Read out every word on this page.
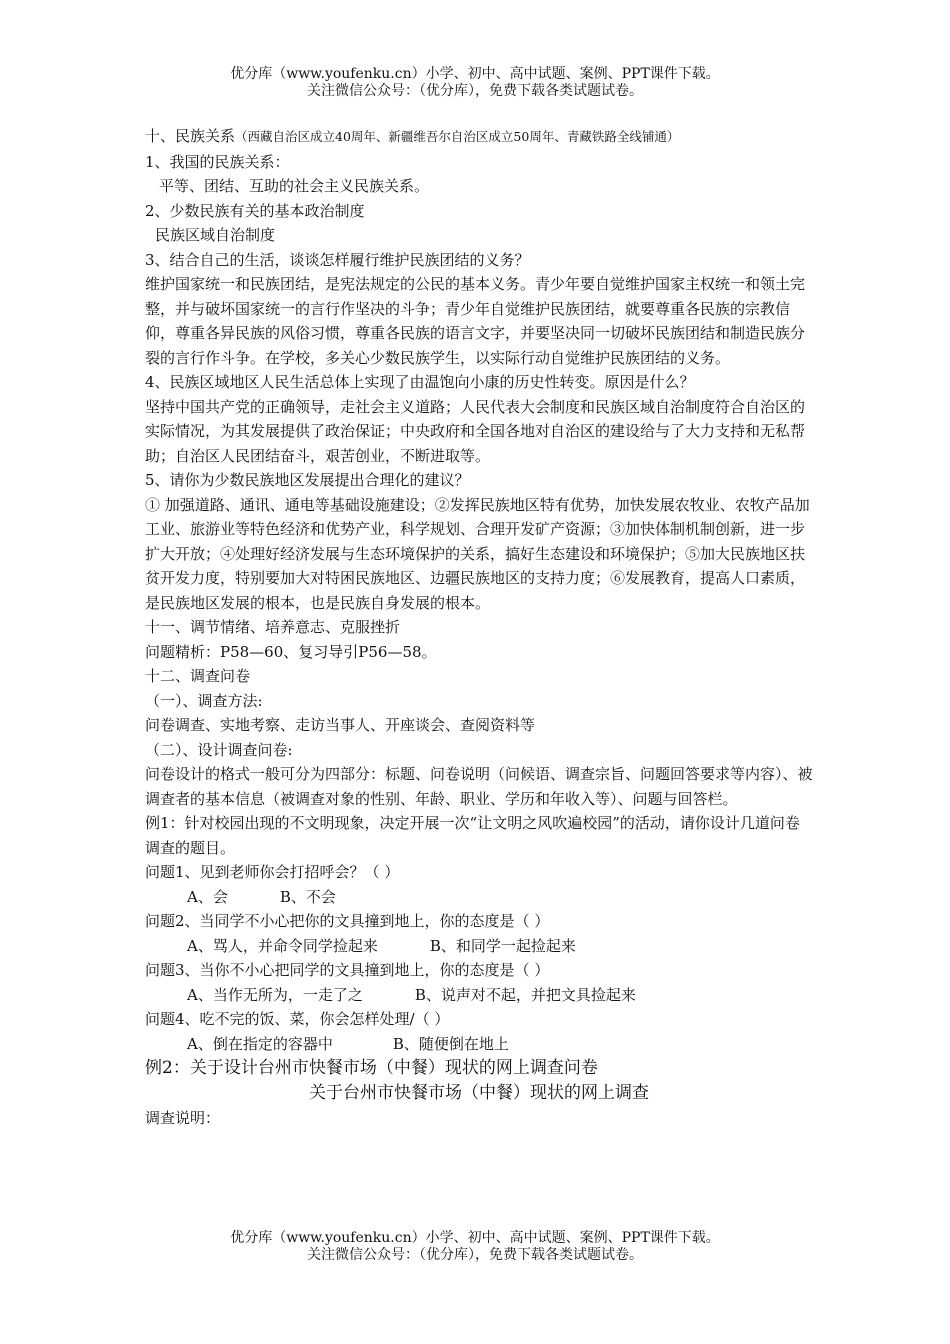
优分库（www.youfenku.cn）小学、初中、高中试题、案例、PPT课件下载。
关注微信公众号：（优分库），免费下载各类试题试卷。

十、民族关系（西藏自治区成立40周年、新疆维吾尔自治区成立50周年、青藏铁路全线铺通）

1、我国的民族关系：

平等、团结、互助的社会主义民族关系。

2、少数民族有关的基本政治制度

民族区域自治制度

3、结合自己的生活，谈谈怎样履行维护民族团结的义务？

维护国家统一和民族团结，是宪法规定的公民的基本义务。青少年要自觉维护国家主权统一和领土完整，并与破坏国家统一的言行作坚决的斗争；青少年自觉维护民族团结，就要尊重各民族的宗教信仰，尊重各异民族的风俗习惯，尊重各民族的语言文字，并要坚决同一切破坏民族团结和制造民族分裂的言行作斗争。在学校，多关心少数民族学生，以实际行动自觉维护民族团结的义务。

4、民族区域地区人民生活总体上实现了由温饱向小康的历史性转变。原因是什么？

坚持中国共产党的正确领导，走社会主义道路；人民代表大会制度和民族区域自治制度符合自治区的实际情况，为其发展提供了政治保证；中央政府和全国各地对自治区的建设给与了大力支持和无私帮助；自治区人民团结奋斗，艰苦创业，不断进取等。

5、请你为少数民族地区发展提出合理化的建议？

① 加强道路、通讯、通电等基础设施建设；②发挥民族地区特有优势，加快发展农牧业、农牧产品加工业、旅游业等特色经济和优势产业，科学规划、合理开发矿产资源；③加快体制机制创新，进一步扩大开放；④处理好经济发展与生态环境保护的关系，搞好生态建设和环境保护；⑤加大民族地区扶贫开发力度，特别要加大对特困民族地区、边疆民族地区的支持力度；⑥发展教育，提高人口素质，是民族地区发展的根本，也是民族自身发展的根本。

十一、调节情绪、培养意志、克服挫折

问题精析：P58—60、复习导引P56—58。

十二、调查问卷

（一）、调查方法:

问卷调查、实地考察、走访当事人、开座谈会、查阅资料等

（二）、设计调查问卷:

问卷设计的格式一般可分为四部分：标题、问卷说明（问候语、调查宗旨、问题回答要求等内容）、被调查者的基本信息（被调查对象的性别、年龄、职业、学历和年收入等）、问题与回答栏。

例1：针对校园出现的不文明现象，决定开展一次“让文明之风吹遍校园”的活动，请你设计几道问卷调查的题目。

问题1、见到老师你会打招呼会？（ ）

A、会	B、不会

问题2、当同学不小心把你的文具撞到地上，你的态度是（ ）

A、骂人，并命令同学捡起来	B、和同学一起捡起来

问题3、当你不小心把同学的文具撞到地上，你的态度是（ ）

A、当作无所为，一走了之	B、说声对不起，并把文具捡起来

问题4、吃不完的饭、菜，你会怎样处理/（ ）

A、倒在指定的容器中	B、随便倒在地上

例2：关于设计台州市快餐市场（中餐）现状的网上调查问卷

关于台州市快餐市场（中餐）现状的网上调查

调查说明：

优分库（www.youfenku.cn）小学、初中、高中试题、案例、PPT课件下载。
关注微信公众号：（优分库），免费下载各类试题试卷。
